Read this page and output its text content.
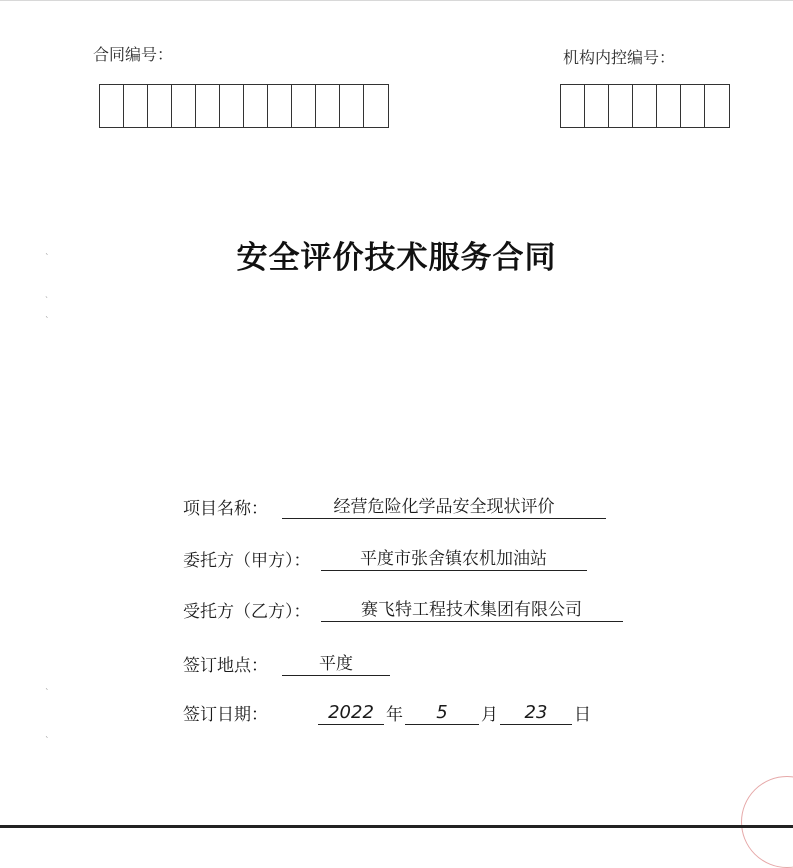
合同编号：	机构内控编号：
安全评价技术服务合同
项目名称：	经营危险化学品安全现状评价
委托方（甲方）：	平度市张舍镇农机加油站
受托方（乙方）：	赛飞特工程技术集团有限公司
签订地点：	平度
签订日期：	2022 年	5	月	23	日
ˋ
ˏ
ˋ
ˋ
ˋ
